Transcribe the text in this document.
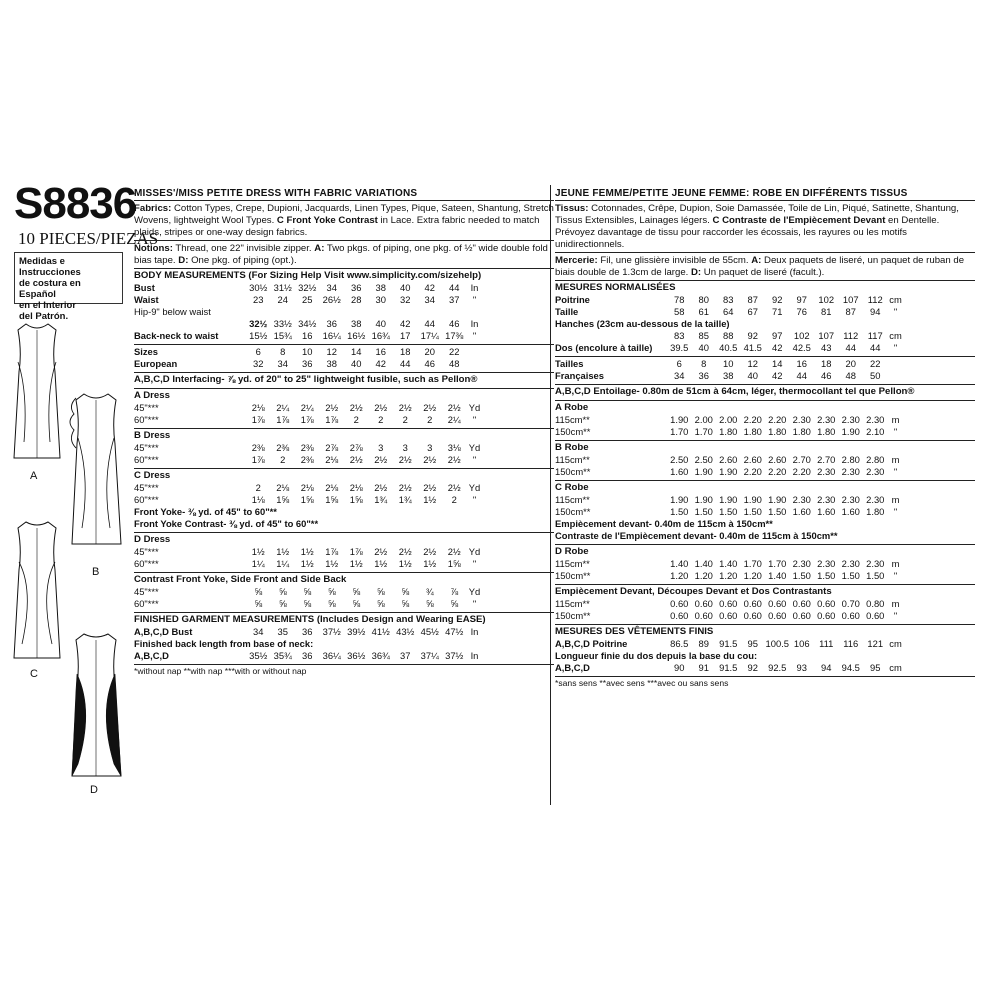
S8836
10 PIECES/PIEZAS
Medidas e Instrucciones
de costura en Español
en el Interior
del Patrón.
A
B
C
D
MISSES'/MISS PETITE DRESS WITH FABRIC VARIATIONS
Fabrics: Cotton Types, Crepe, Dupioni, Jacquards, Linen Types, Pique, Sateen, Shantung, Stretch Wovens, lightweight Wool Types. C Front Yoke Contrast in Lace. Extra fabric needed to match plaids, stripes or one-way design fabrics.
Notions: Thread, one 22" invisible zipper. A: Two pkgs. of piping, one pkg. of ½" wide double fold bias tape. D: One pkg. of piping (opt.).
BODY MEASUREMENTS (For Sizing Help Visit www.simplicity.com/sizehelp)
Bust	30½ 31½ 32½	34	36	38	40	42	44	In
Waist	23	24	25	26½	28	30	32	34	37	"
Hip-9" below waist
32½ 33½ 34½	36	38	40	42	44	46	In
Back-neck to waist	15½ 15¾	16	16¼ 16½ 16¾	17	17¼ 17⅜	"
Sizes	6	8	10	12	14	16	18	20	22
European	32	34	36	38	40	42	44	46	48
A,B,C,D Interfacing- ⅞ yd. of 20" to 25" lightweight fusible, such as Pellon®
A Dress
45"***	2⅛	2¼	2¼	2½	2½	2½	2½	2½	2½ Yd
60"***	1⅞	1⅞	1⅞	1⅞	2	2	2	2	2¼	"
B Dress
45"***	2⅜	2⅜	2⅜	2⅞	2⅞	3	3	3	3⅛ Yd
60"***	1⅞	2	2⅜	2⅛	2½	2½	2½	2½	2½	"
C Dress
45"***	2	2⅛	2⅛	2⅛	2⅛	2½	2½	2½	2½ Yd
60"***	1⅛	1⅝	1⅝	1⅝	1⅝	1¾	1¾	1½	2	"
Front Yoke- ⅜ yd. of 45" to 60"**
Front Yoke Contrast- ⅜ yd. of 45" to 60"**
D Dress
45"***	1½	1½	1½	1⅞	1⅞	2½	2½	2½	2½ Yd
60"***	1¼	1¼	1½	1½	1½	1½	1½	1½	1⅝	"
Contrast Front Yoke, Side Front and Side Back
45"***	⅝	⅝	⅝	⅝	⅝	⅝	⅝	¾	⅞	Yd
60"***	⅝	⅝	⅝	⅝	⅝	⅝	⅝	⅝	⅝	"
FINISHED GARMENT MEASUREMENTS (Includes Design and Wearing EASE)
A,B,C,D Bust	34	35	36	37½ 39½ 41½ 43½ 45½ 47½ In
Finished back length from base of neck:
A,B,C,D	35½ 35¾	36	36¼ 36½ 36¾	37	37¼ 37½ In
*without nap **with nap ***with or without nap
JEUNE FEMME/PETITE JEUNE FEMME: ROBE EN DIFFÉRENTS TISSUS
Tissus: Cotonnades, Crêpe, Dupion, Soie Damassée, Toile de Lin, Piqué, Satinette, Shantung, Tissus Extensibles, Lainages légers. C Contraste de l'Empiècement Devant en Dentelle. Prévoyez davantage de tissu pour raccorder les écossais, les rayures ou les motifs unidirectionnels.
Mercerie: Fil, une glissière invisible de 55cm. A: Deux paquets de liseré, un paquet de ruban de biais double de 1.3cm de large. D: Un paquet de liseré (facult.).
MESURES NORMALISÉES
Poitrine	78	80	83	87	92	97	102 107 112 cm
Taille	58	61	64	67	71	76	81	87	94	"
Hanches (23cm au-dessous de la taille)
83	85	88	92	97	102 107 112	117 cm
Dos (encolure à taille)	39.5	40	40.5 41.5	42	42.5	43	44	44	"
Tailles	6	8	10	12	14	16	18	20	22
Françaises	34	36	38	40	42	44	46	48	50
A,B,C,D Entoilage- 0.80m de 51cm à 64cm, léger, thermocollant tel que Pellon®
A Robe
115cm**	1.90 2.00 2.00 2.20 2.20 2.30 2.30 2.30 2.30 m
150cm**	1.70 1.70 1.80 1.80 1.80 1.80 1.80 1.90 2.10	"
B Robe
115cm**	2.50 2.50 2.60 2.60 2.60 2.70 2.70 2.80 2.80 m
150cm**	1.60 1.90 1.90 2.20 2.20 2.20 2.30 2.30 2.30	"
C Robe
115cm**	1.90 1.90 1.90 1.90 1.90 2.30 2.30 2.30 2.30 m
150cm**	1.50 1.50 1.50 1.50 1.50 1.60 1.60 1.60 1.80	"
Empiècement devant- 0.40m de 115cm à 150cm**
Contraste de l'Empiècement devant- 0.40m de 115cm à 150cm**
D Robe
115cm**	1.40 1.40 1.40 1.70 1.70 2.30 2.30 2.30 2.30 m
150cm**	1.20 1.20 1.20 1.20 1.40 1.50 1.50 1.50 1.50	"
Empiècement Devant, Découpes Devant et Dos Contrastants
115cm**	0.60 0.60 0.60 0.60 0.60 0.60 0.60 0.70 0.80 m
150cm**	0.60 0.60 0.60 0.60 0.60 0.60 0.60 0.60 0.60	"
MESURES DES VÊTEMENTS FINIS
A,B,C,D Poitrine	86.5	89	91.5	95 100.5 106	111	116 121 cm
Longueur finie du dos depuis la base du cou:
A,B,C,D	90	91	91.5	92	92.5	93	94	94.5	95 cm
*sans sens **avec sens ***avec ou sans sens
